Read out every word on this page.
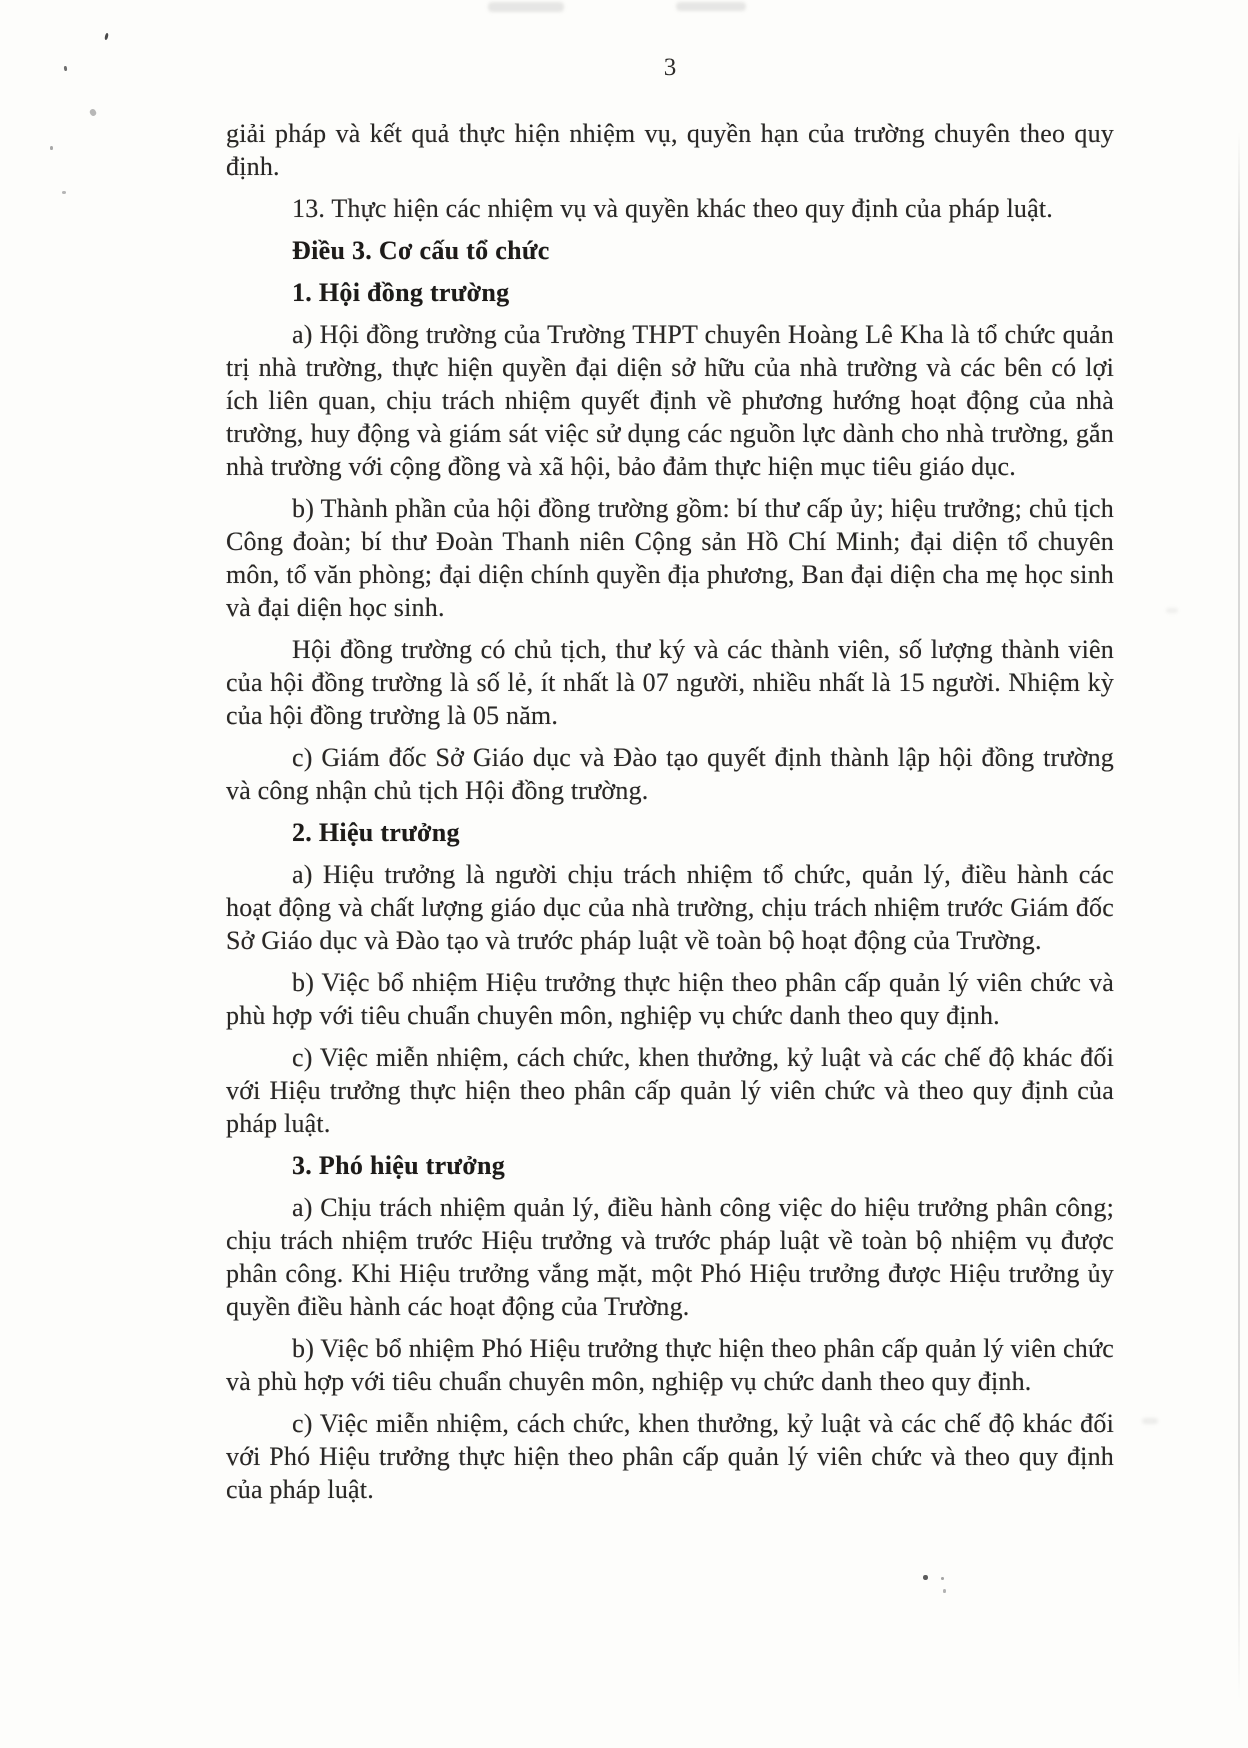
3

giải pháp và kết quả thực hiện nhiệm vụ, quyền hạn của trường chuyên theo quy định.

13. Thực hiện các nhiệm vụ và quyền khác theo quy định của pháp luật.

Điều 3. Cơ cấu tổ chức

1. Hội đồng trường

a) Hội đồng trường của Trường THPT chuyên Hoàng Lê Kha là tổ chức quản trị nhà trường, thực hiện quyền đại diện sở hữu của nhà trường và các bên có lợi ích liên quan, chịu trách nhiệm quyết định về phương hướng hoạt động của nhà trường, huy động và giám sát việc sử dụng các nguồn lực dành cho nhà trường, gắn nhà trường với cộng đồng và xã hội, bảo đảm thực hiện mục tiêu giáo dục.

b) Thành phần của hội đồng trường gồm: bí thư cấp ủy; hiệu trưởng; chủ tịch Công đoàn; bí thư Đoàn Thanh niên Cộng sản Hồ Chí Minh; đại diện tổ chuyên môn, tổ văn phòng; đại diện chính quyền địa phương, Ban đại diện cha mẹ học sinh và đại diện học sinh.

Hội đồng trường có chủ tịch, thư ký và các thành viên, số lượng thành viên của hội đồng trường là số lẻ, ít nhất là 07 người, nhiều nhất là 15 người. Nhiệm kỳ của hội đồng trường là 05 năm.

c) Giám đốc Sở Giáo dục và Đào tạo quyết định thành lập hội đồng trường và công nhận chủ tịch Hội đồng trường.

2. Hiệu trưởng

a) Hiệu trưởng là người chịu trách nhiệm tổ chức, quản lý, điều hành các hoạt động và chất lượng giáo dục của nhà trường, chịu trách nhiệm trước Giám đốc Sở Giáo dục và Đào tạo và trước pháp luật về toàn bộ hoạt động của Trường.

b) Việc bổ nhiệm Hiệu trưởng thực hiện theo phân cấp quản lý viên chức và phù hợp với tiêu chuẩn chuyên môn, nghiệp vụ chức danh theo quy định.

c) Việc miễn nhiệm, cách chức, khen thưởng, kỷ luật và các chế độ khác đối với Hiệu trưởng thực hiện theo phân cấp quản lý viên chức và theo quy định của pháp luật.

3. Phó hiệu trưởng

a) Chịu trách nhiệm quản lý, điều hành công việc do hiệu trưởng phân công; chịu trách nhiệm trước Hiệu trưởng và trước pháp luật về toàn bộ nhiệm vụ được phân công. Khi Hiệu trưởng vắng mặt, một Phó Hiệu trưởng được Hiệu trưởng ủy quyền điều hành các hoạt động của Trường.

b) Việc bổ nhiệm Phó Hiệu trưởng thực hiện theo phân cấp quản lý viên chức và phù hợp với tiêu chuẩn chuyên môn, nghiệp vụ chức danh theo quy định.

c) Việc miễn nhiệm, cách chức, khen thưởng, kỷ luật và các chế độ khác đối với Phó Hiệu trưởng thực hiện theo phân cấp quản lý viên chức và theo quy định của pháp luật.
